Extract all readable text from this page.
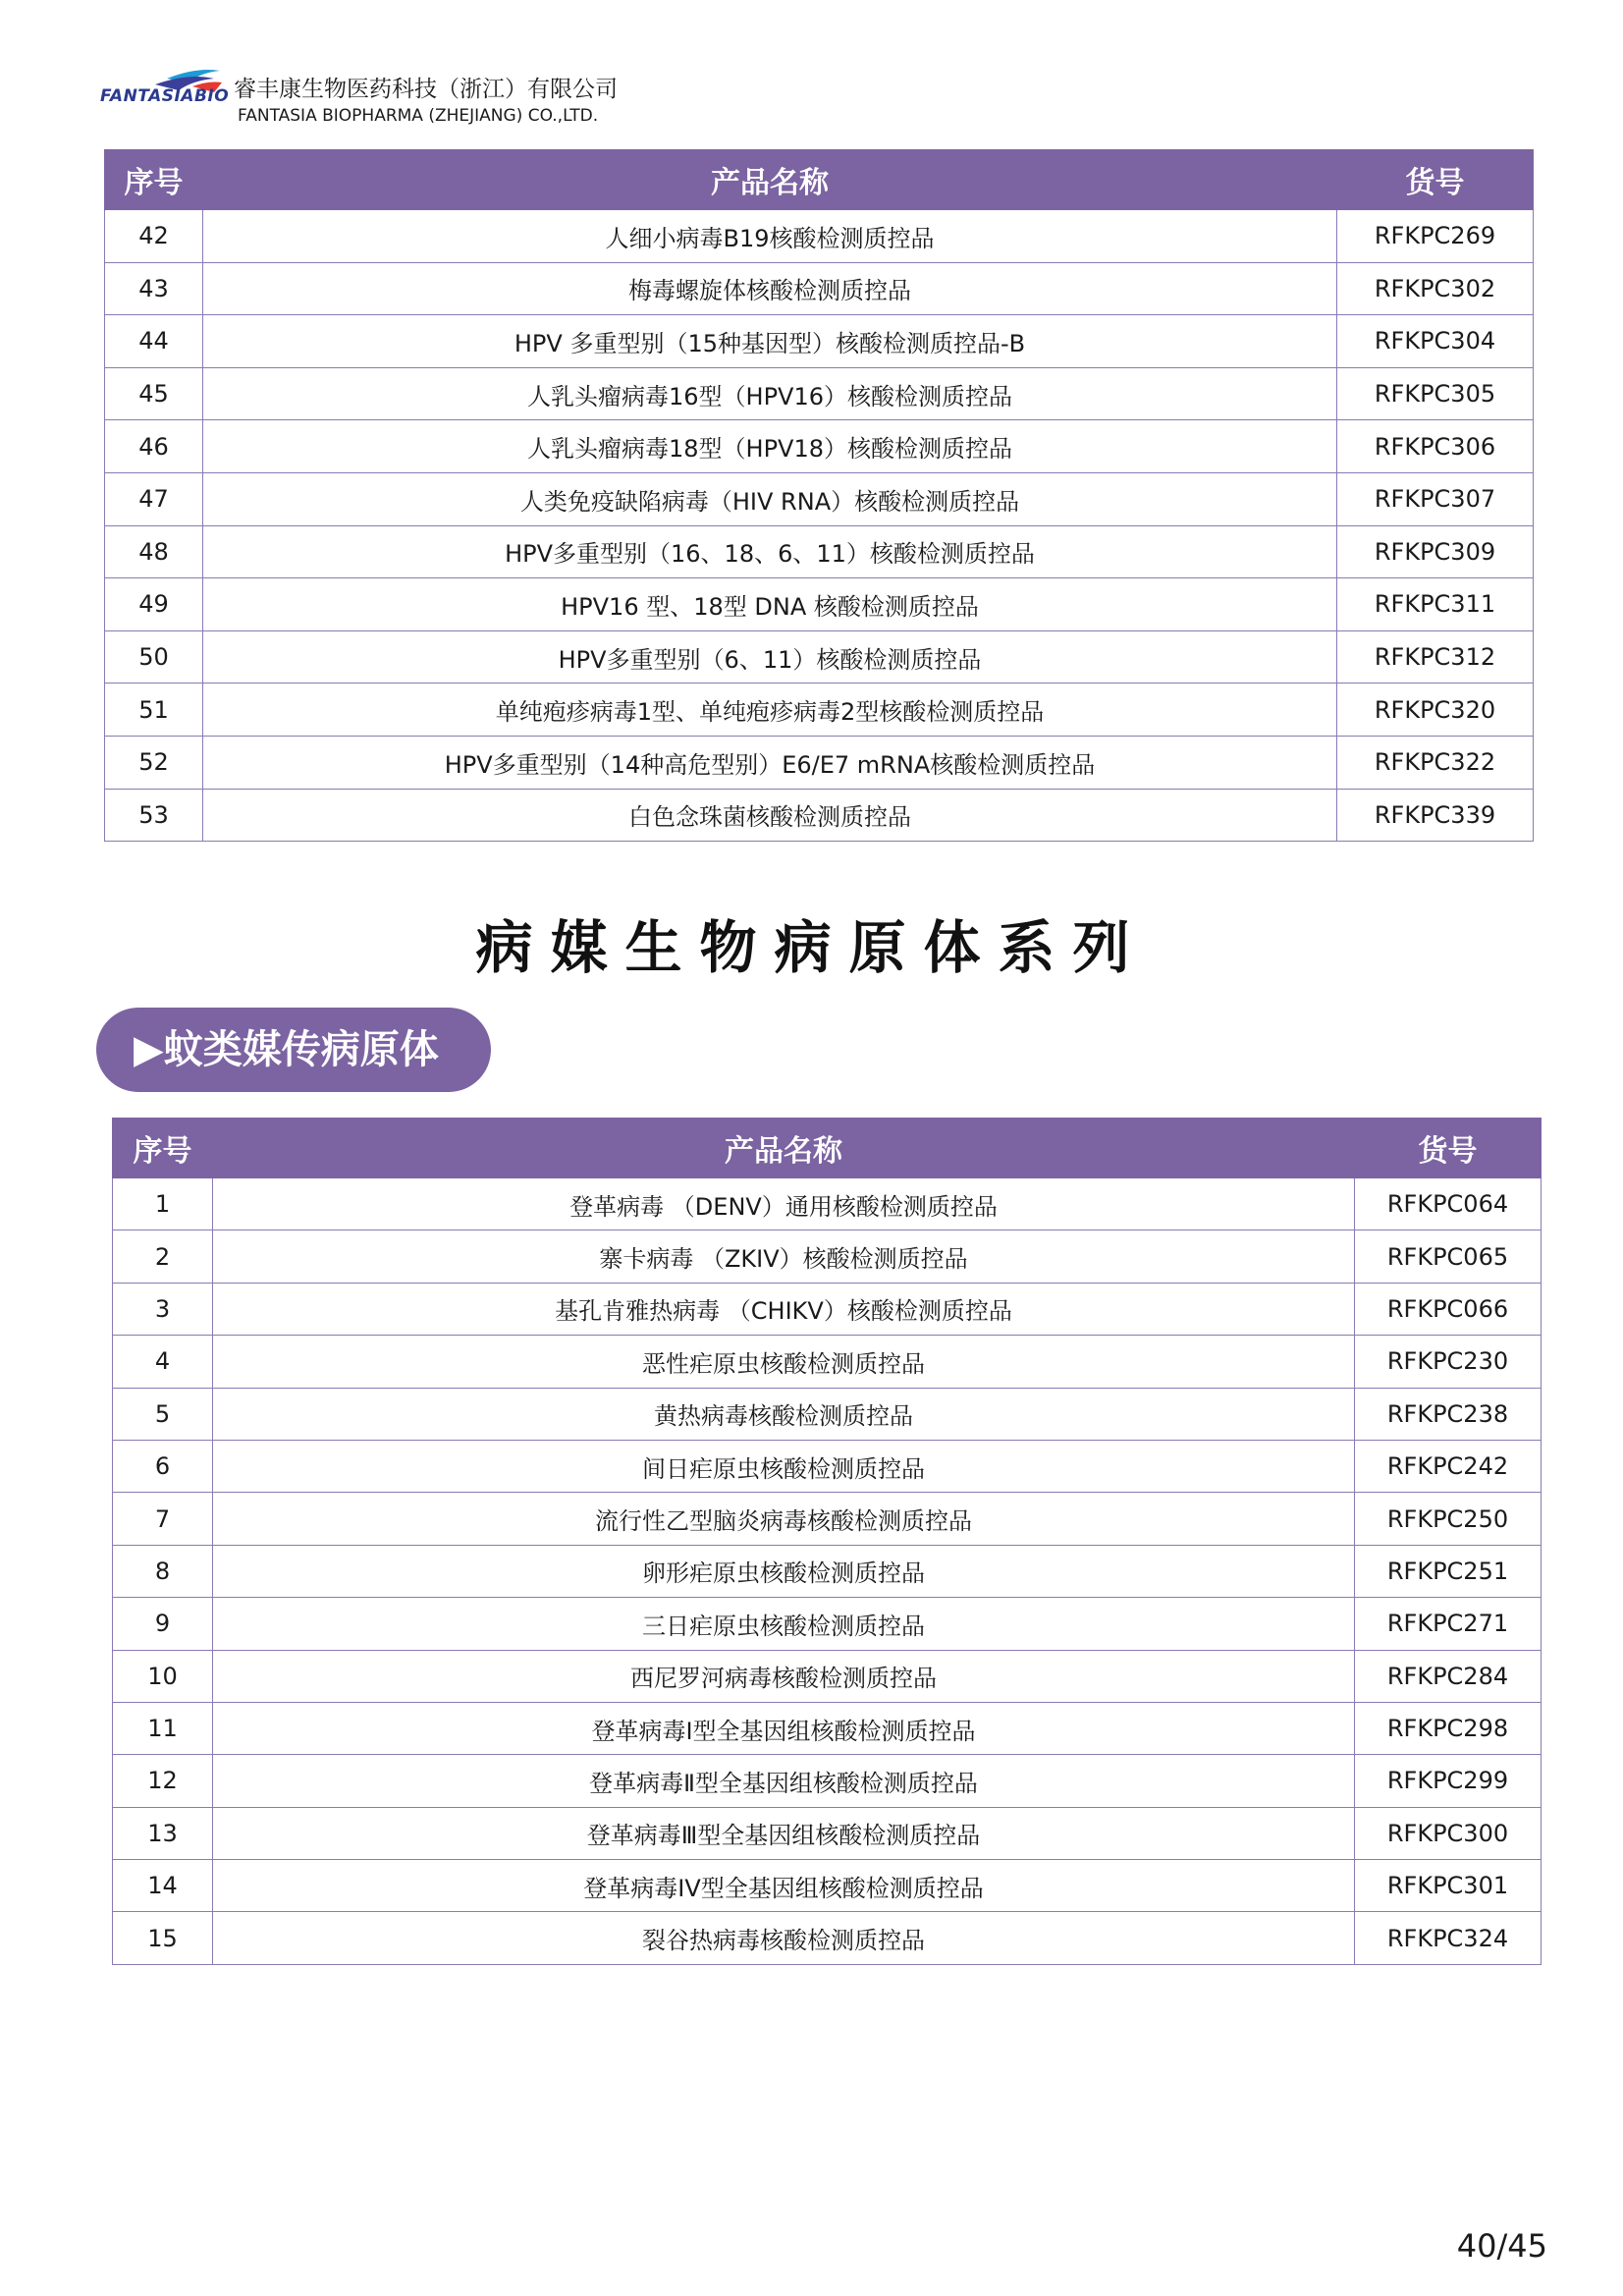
FANTASIABIO 睿丰康生物医药科技（浙江）有限公司
FANTASIA BIOPHARMA (ZHEJIANG) CO.,LTD.
序号	产品名称	货号
42	人细小病毒B19核酸检测质控品	RFKPC269
43	梅毒螺旋体核酸检测质控品	RFKPC302
44	HPV 多重型别（15种基因型）核酸检测质控品-B	RFKPC304
45	人乳头瘤病毒16型（HPV16）核酸检测质控品	RFKPC305
46	人乳头瘤病毒18型（HPV18）核酸检测质控品	RFKPC306
47	人类免疫缺陷病毒（HIV RNA）核酸检测质控品	RFKPC307
48	HPV多重型别（16、18、6、11）核酸检测质控品	RFKPC309
49	HPV16 型、18型 DNA 核酸检测质控品	RFKPC311
50	HPV多重型别（6、11）核酸检测质控品	RFKPC312
51	单纯疱疹病毒1型、单纯疱疹病毒2型核酸检测质控品	RFKPC320
52	HPV多重型别（14种高危型别）E6/E7 mRNA核酸检测质控品	RFKPC322
53	白色念珠菌核酸检测质控品	RFKPC339
病媒生物病原体系列
▶蚊类媒传病原体
序号	产品名称	货号
1	登革病毒 （DENV）通用核酸检测质控品	RFKPC064
2	寨卡病毒 （ZKIV）核酸检测质控品	RFKPC065
3	基孔肯雅热病毒 （CHIKV）核酸检测质控品	RFKPC066
4	恶性疟原虫核酸检测质控品	RFKPC230
5	黄热病毒核酸检测质控品	RFKPC238
6	间日疟原虫核酸检测质控品	RFKPC242
7	流行性乙型脑炎病毒核酸检测质控品	RFKPC250
8	卵形疟原虫核酸检测质控品	RFKPC251
9	三日疟原虫核酸检测质控品	RFKPC271
10	西尼罗河病毒核酸检测质控品	RFKPC284
11	登革病毒I型全基因组核酸检测质控品	RFKPC298
12	登革病毒Ⅱ型全基因组核酸检测质控品	RFKPC299
13	登革病毒Ⅲ型全基因组核酸检测质控品	RFKPC300
14	登革病毒IV型全基因组核酸检测质控品	RFKPC301
15	裂谷热病毒核酸检测质控品	RFKPC324
40/45
